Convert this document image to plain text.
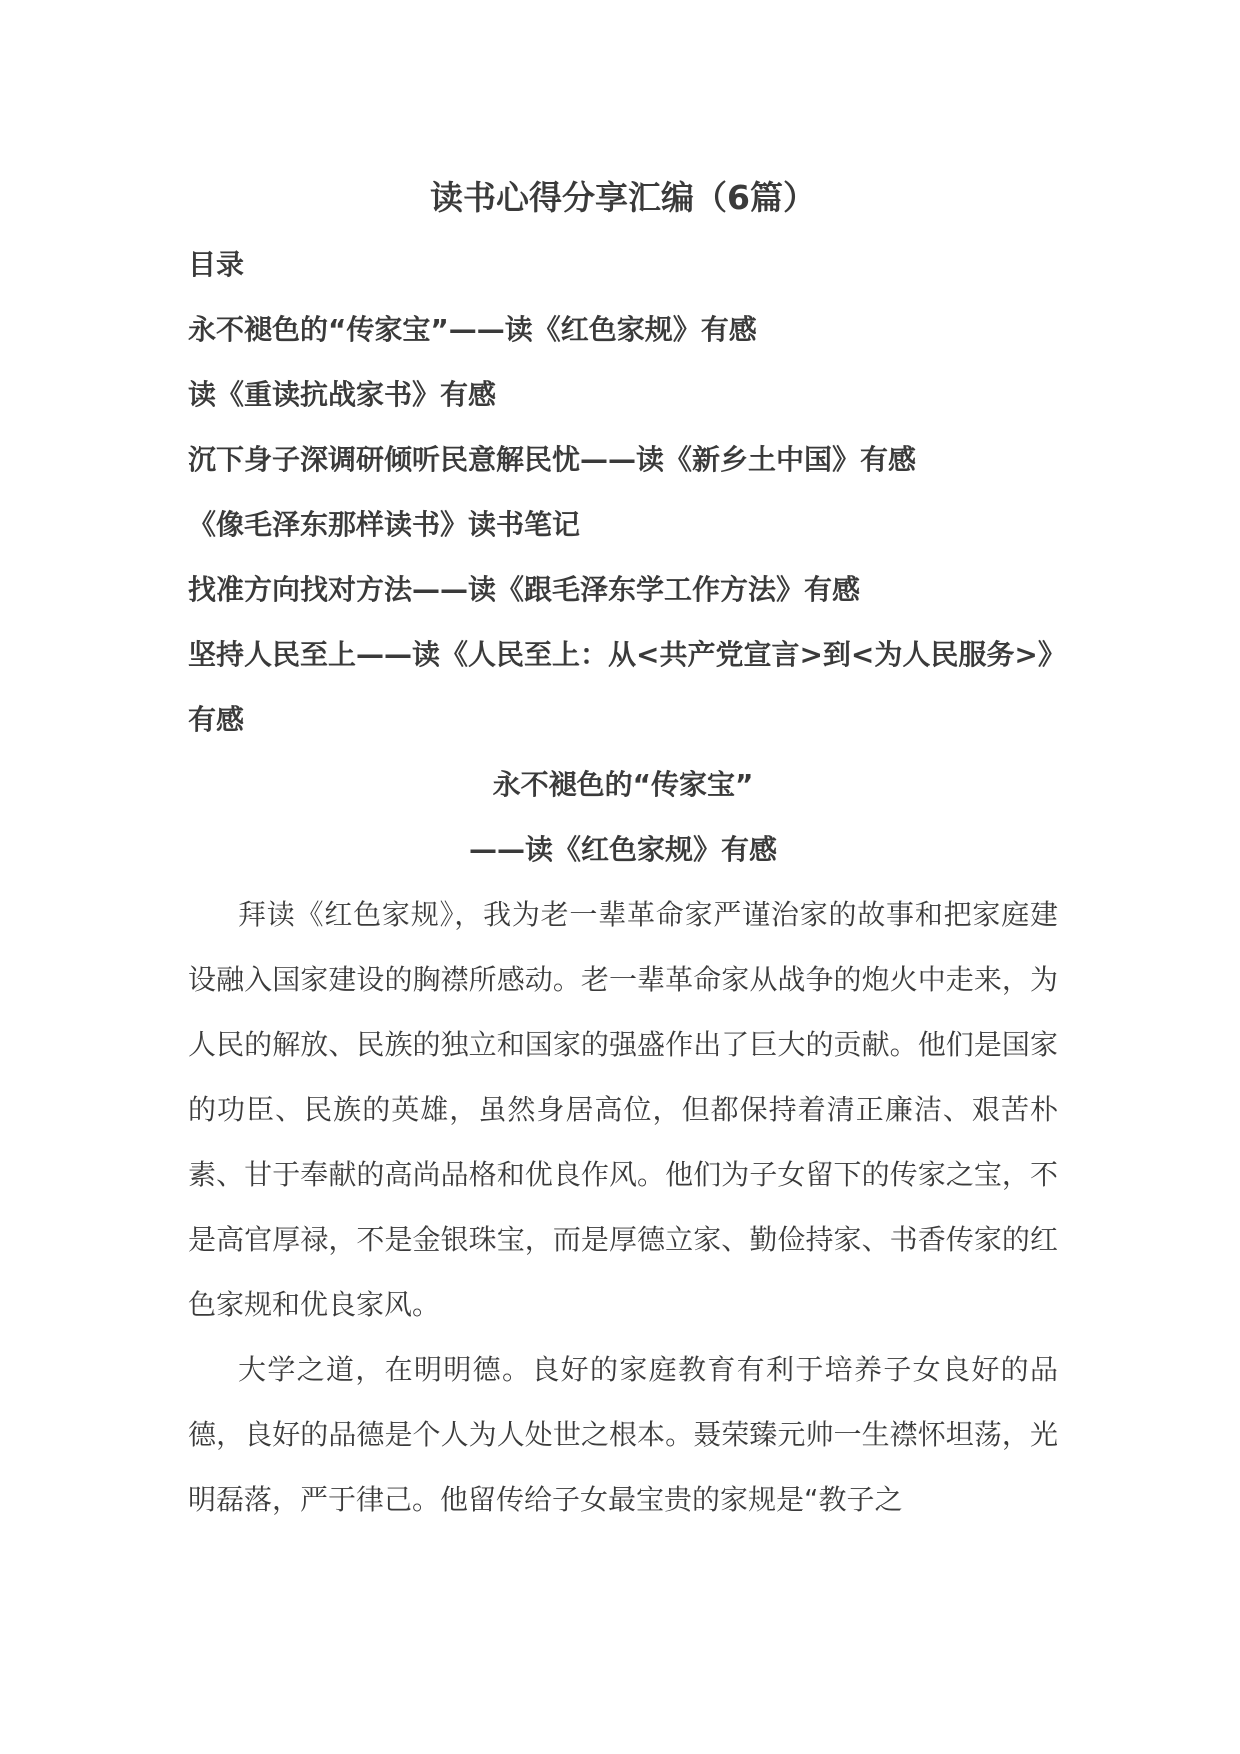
读书心得分享汇编（6篇）
目录
永不褪色的“传家宝”——读《红色家规》有感
读《重读抗战家书》有感
沉下身子深调研倾听民意解民忧——读《新乡土中国》有感
《像毛泽东那样读书》读书笔记
找准方向找对方法——读《跟毛泽东学工作方法》有感
坚持人民至上——读《人民至上：从<共产党宣言>到<为人民服务>》有感
永不褪色的“传家宝”
——读《红色家规》有感

拜读《红色家规》，我为老一辈革命家严谨治家的故事和把家庭建设融入国家建设的胸襟所感动。老一辈革命家从战争的炮火中走来，为人民的解放、民族的独立和国家的强盛作出了巨大的贡献。他们是国家的功臣、民族的英雄，虽然身居高位，但都保持着清正廉洁、艰苦朴素、甘于奉献的高尚品格和优良作风。他们为子女留下的传家之宝，不是高官厚禄，不是金银珠宝，而是厚德立家、勤俭持家、书香传家的红色家规和优良家风。

大学之道，在明明德。良好的家庭教育有利于培养子女良好的品德，良好的品德是个人为人处世之根本。聂荣臻元帅一生襟怀坦荡，光明磊落，严于律己。他留传给子女最宝贵的家规是“教子之
